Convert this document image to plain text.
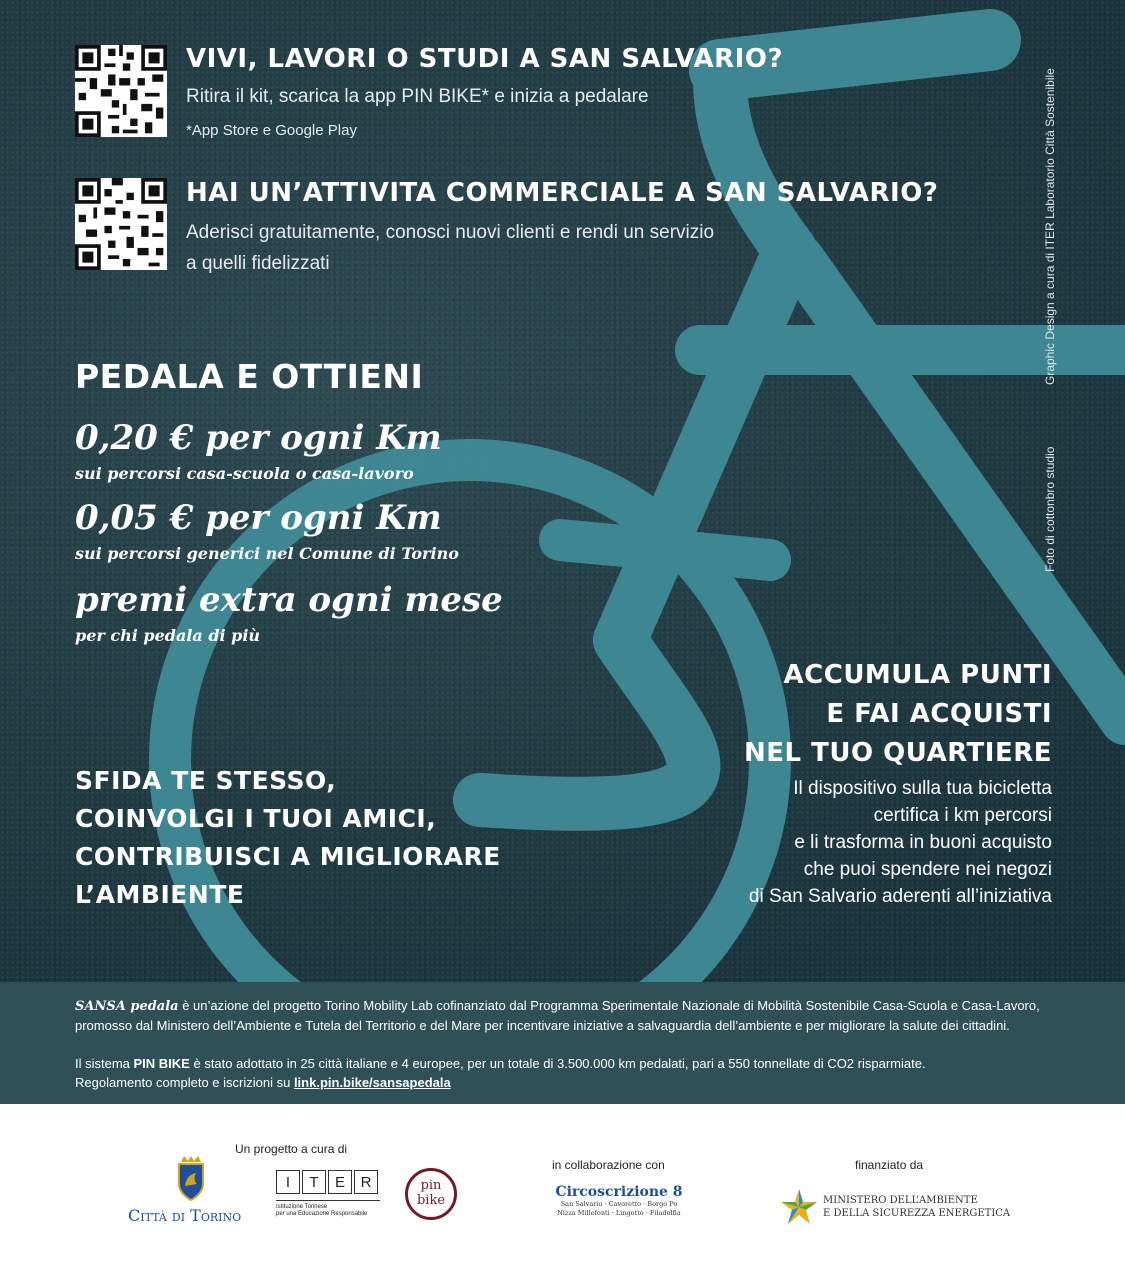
VIVI, LAVORI O STUDI A SAN SALVARIO?
Ritira il kit, scarica la app PIN BIKE* e inizia a pedalare
*App Store e Google Play
HAI UN’ATTIVITA COMMERCIALE A SAN SALVARIO?
Aderisci gratuitamente, conosci nuovi clienti e rendi un servizio
a quelli fidelizzati	Graphic Design a cura di ITER Laboratorio Città Sostenibile
Foto di cottonbro studio
PEDALA E OTTIENI
0,20 € per ogni Km
sui percorsi casa-scuola o casa-lavoro
0,05 € per ogni Km
sui percorsi generici nel Comune di Torino
premi extra ogni mese
per chi pedala di più
SFIDA TE STESSO,
COINVOLGI I TUOI AMICI,
CONTRIBUISCI A MIGLIORARE
L’AMBIENTE
ACCUMULA PUNTI
E FAI ACQUISTI
NEL TUO QUARTIERE
Il dispositivo sulla tua bicicletta
certifica i km percorsi
e li trasforma in buoni acquisto
che puoi spendere nei negozi
di San Salvario aderenti all’iniziativa

SANSA pedala è un’azione del progetto Torino Mobility Lab cofinanziato dal Programma Sperimentale Nazionale di Mobilità Sostenibile Casa-Scuola e Casa-Lavoro, promosso dal Ministero dell’Ambiente e Tutela del Territorio e del Mare per incentivare iniziative a salvaguardia dell’ambiente e per migliorare la salute dei cittadini.

Il sistema PIN BIKE è stato adottato in 25 città italiane e 4 europee, per un totale di 3.500.000 km pedalati, pari a 550 tonnellate di CO2 risparmiate.

Regolamento completo e iscrizioni su link.pin.bike/sansapedala

Un progetto a cura di
in collaborazione con	finanziato da
Città di Torino
I	T	E	R
Istituzione Torinese
per una Educazione Responsabile
pin
bike
Circoscrizione 8
San Salvario · Cavoretto · Borgo Po
Nizza Millefonti · Lingotto · Filadelfia
MINISTERO DELL’AMBIENTE
E DELLA SICUREZZA ENERGETICA
